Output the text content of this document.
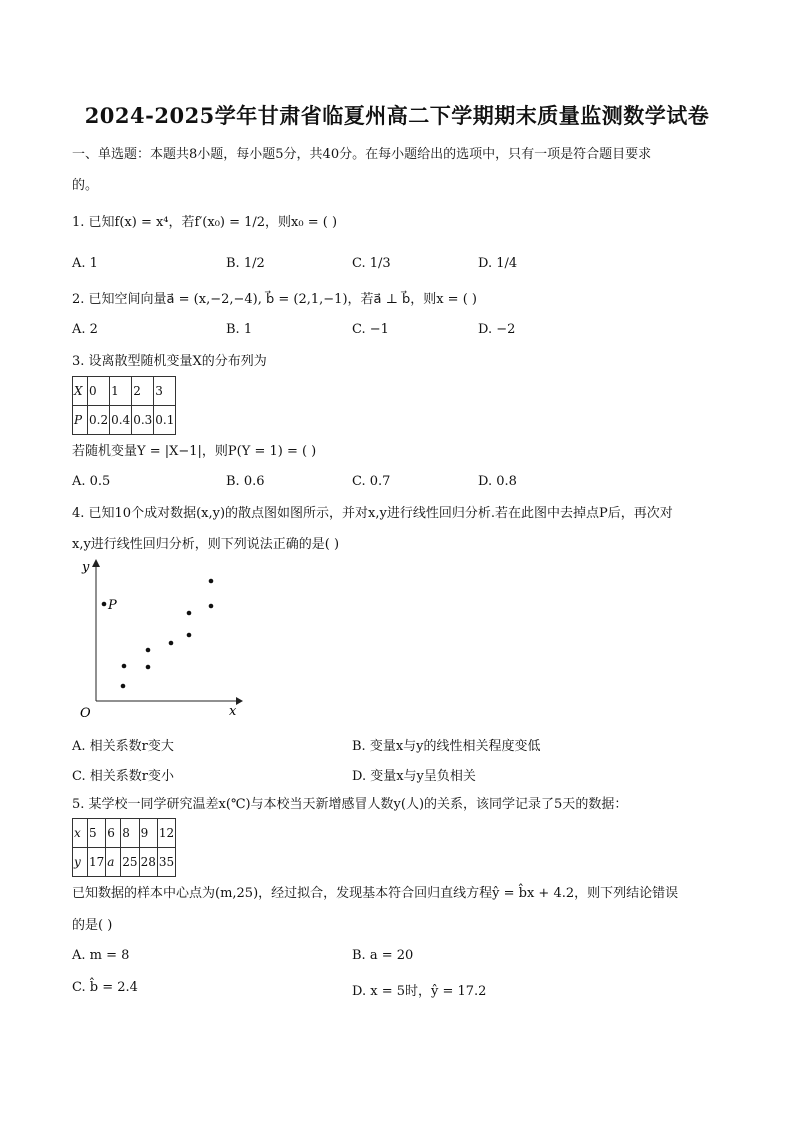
2024-2025学年甘肃省临夏州高二下学期期末质量监测数学试卷
一、单选题：本题共8小题，每小题5分，共40分。在每小题给出的选项中，只有一项是符合题目要求
的。
1. 已知f(x) = x⁴，若f′(x₀) = 1/2，则x₀ = ( )
A. 1	B. 1/2	C. 1/3	D. 1/4
2. 已知空间向量a⃗ = (x,−2,−4), b⃗ = (2,1,−1)，若a⃗ ⊥ b⃗，则x = ( )
A. 2	B. 1	C. −1	D. −2
3. 设离散型随机变量X的分布列为
X	0	1	2	3
P	0.2	0.4	0.3	0.1
若随机变量Y = |X−1|，则P(Y = 1) = ( )
A. 0.5	B. 0.6	C. 0.7	D. 0.8
4. 已知10个成对数据(x,y)的散点图如图所示，并对x,y进行线性回归分析.若在此图中去掉点P后，再次对
x,y进行线性回归分析，则下列说法正确的是( )
y
x
O
P
A. 相关系数r变大	B. 变量x与y的线性相关程度变低
C. 相关系数r变小	D. 变量x与y呈负相关
5. 某学校一同学研究温差x(℃)与本校当天新增感冒人数y(人)的关系，该同学记录了5天的数据：
x	5	6	8	9	12
y	17	a	25	28	35
已知数据的样本中心点为(m,25)，经过拟合，发现基本符合回归直线方程ŷ = b̂x + 4.2，则下列结论错误
的是( )
A. m = 8	B. a = 20
C. b̂ = 2.4	D. x = 5时，ŷ = 17.2
